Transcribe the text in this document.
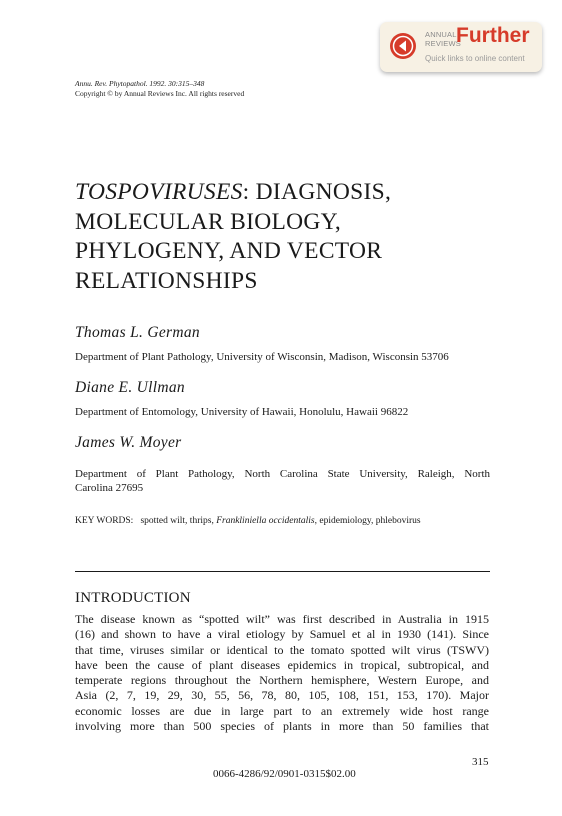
ANNUAL
REVIEWS
Further
Quick links to online content
Annu. Rev. Phytopathol. 1992. 30:315–348
Copyright © by Annual Reviews Inc. All rights reserved
TOSPOVIRUSES: DIAGNOSIS,
MOLECULAR BIOLOGY,
PHYLOGENY, AND VECTOR
RELATIONSHIPS
Thomas L. German
Department of Plant Pathology, University of Wisconsin, Madison, Wisconsin 53706
Diane E. Ullman
Department of Entomology, University of Hawaii, Honolulu, Hawaii 96822
James W. Moyer
Department of Plant Pathology, North Carolina State University, Raleigh, North
Carolina 27695
KEY WORDS: spotted wilt, thrips, Frankliniella occidentalis, epidemiology, phlebovirus
INTRODUCTION
The disease known as “spotted wilt” was first described in Australia in 1915
(16) and shown to have a viral etiology by Samuel et al in 1930 (141). Since
that time, viruses similar or identical to the tomato spotted wilt virus (TSWV)
have been the cause of plant diseases epidemics in tropical, subtropical, and
temperate regions throughout the Northern hemisphere, Western Europe, and
Asia (2, 7, 19, 29, 30, 55, 56, 78, 80, 105, 108, 151, 153, 170). Major
economic losses are due in large part to an extremely wide host range
involving more than 500 species of plants in more than 50 families that
315
0066-4286/92/0901-0315$02.00
